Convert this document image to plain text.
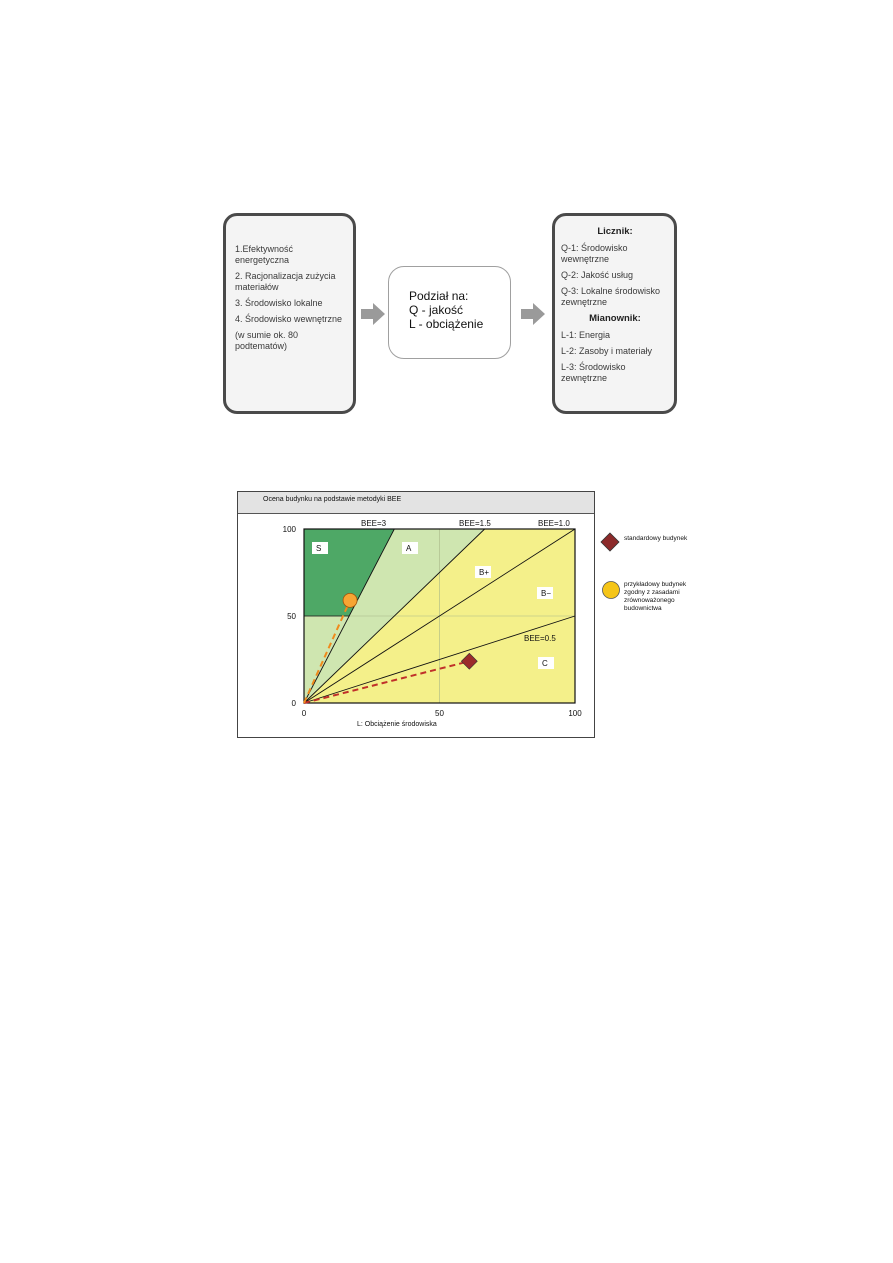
1.Efektywność energetyczna

2. Racjonalizacja zużycia materiałów

3. Środowisko lokalne

4. Środowisko wewnętrzne

(w sumie ok. 80 podtematów)

Podział na:
Q - jakość
L - obciążenie
Licznik:

Q-1: Środowisko wewnętrzne

Q-2: Jakość usług

Q-3: Lokalne środowisko zewnętrzne

Mianownik:

L-1: Energia

L-2: Zasoby i materiały

L-3: Środowisko zewnętrzne

Ocena budynku na podstawie metodyki BEE
BEE=3	BEE=1.5	BEE=1.0
BEE=0.5
S	A
B+
B−
C
0	50	100
0
50
100
L: Obciążenie środowiska
standardowy budynek
przykładowy budynek zgodny z zasadami zrównoważonego budownictwa
